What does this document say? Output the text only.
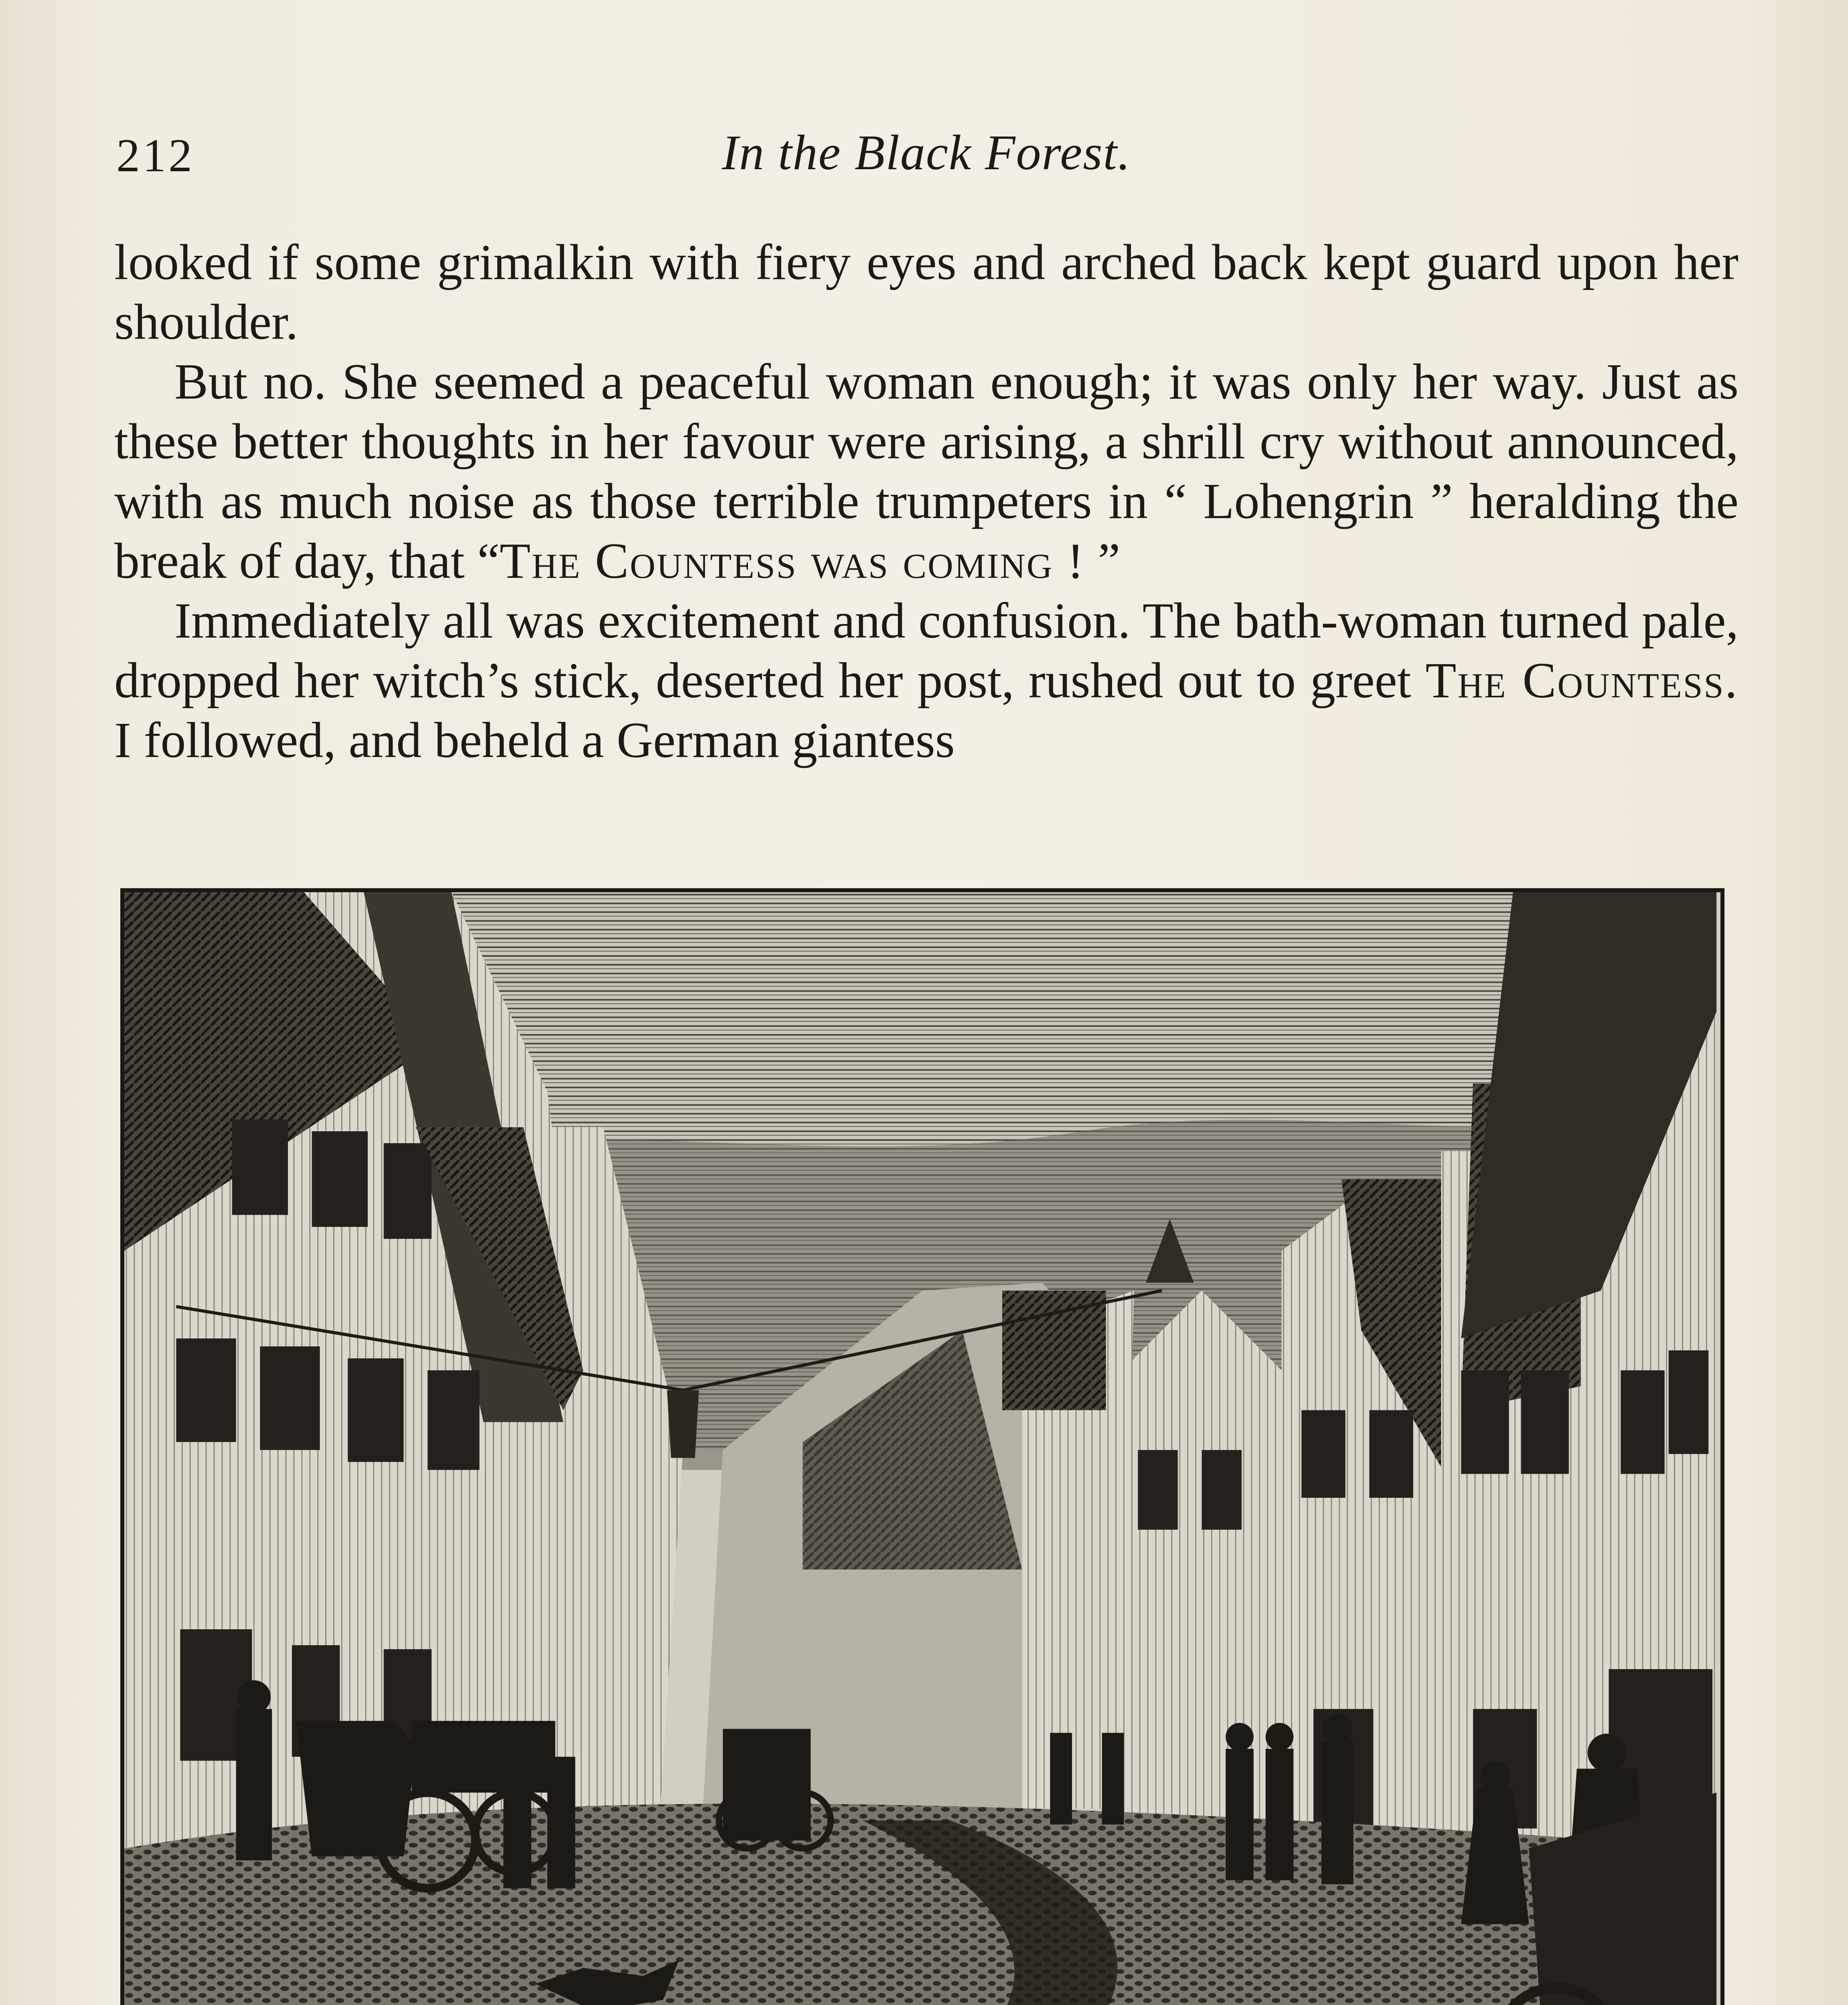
212	In the Black Forest.

looked if some grimalkin with fiery eyes and arched back kept guard upon her shoulder.

But no. She seemed a peaceful woman enough; it was only her way. Just as these better thoughts in her favour were arising, a shrill cry without announced, with as much noise as those terrible trumpeters in “ Lohengrin ” heralding the break of day, that “The Countess was coming ! ”

Immediately all was excitement and confusion. The bath-woman turned pale, dropped her witch’s stick, deserted her post, rushed out to greet The Countess. I followed, and beheld a German giantess
